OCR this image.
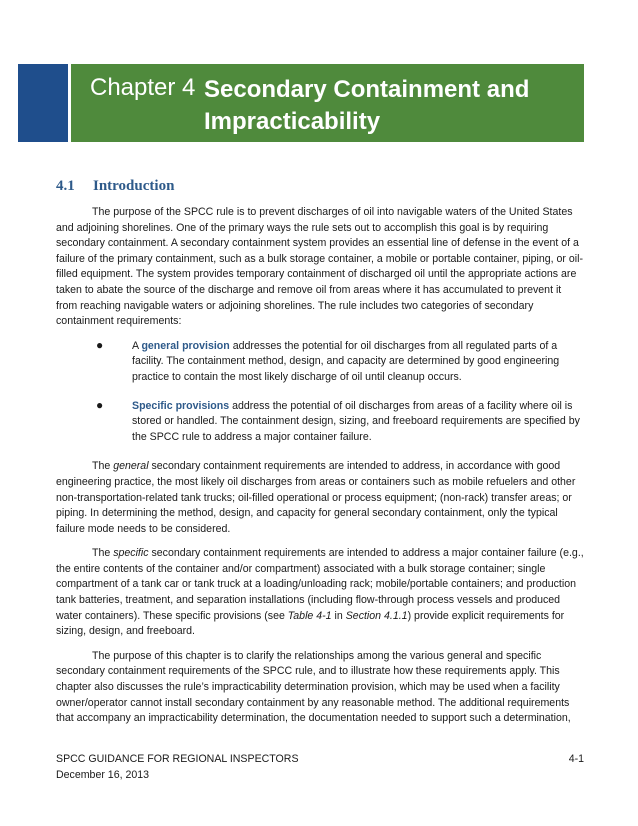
Chapter 4 Secondary Containment and Impracticability
4.1 Introduction

The purpose of the SPCC rule is to prevent discharges of oil into navigable waters of the United States and adjoining shorelines. One of the primary ways the rule sets out to accomplish this goal is by requiring secondary containment. A secondary containment system provides an essential line of defense in the event of a failure of the primary containment, such as a bulk storage container, a mobile or portable container, piping, or oil-filled equipment. The system provides temporary containment of discharged oil until the appropriate actions are taken to abate the source of the discharge and remove oil from areas where it has accumulated to prevent it from reaching navigable waters or adjoining shorelines. The rule includes two categories of secondary containment requirements:

●	A general provision addresses the potential for oil discharges from all regulated parts of a facility. The containment method, design, and capacity are determined by good engineering practice to contain the most likely discharge of oil until cleanup occurs.
●	Specific provisions address the potential of oil discharges from areas of a facility where oil is stored or handled. The containment design, sizing, and freeboard requirements are specified by the SPCC rule to address a major container failure.

The general secondary containment requirements are intended to address, in accordance with good engineering practice, the most likely oil discharges from areas or containers such as mobile refuelers and other non-transportation-related tank trucks; oil-filled operational or process equipment; (non-rack) transfer areas; or piping. In determining the method, design, and capacity for general secondary containment, only the typical failure mode needs to be considered.

The specific secondary containment requirements are intended to address a major container failure (e.g., the entire contents of the container and/or compartment) associated with a bulk storage container; single compartment of a tank car or tank truck at a loading/unloading rack; mobile/portable containers; and production tank batteries, treatment, and separation installations (including flow-through process vessels and produced water containers). These specific provisions (see Table 4-1 in Section 4.1.1) provide explicit requirements for sizing, design, and freeboard.

The purpose of this chapter is to clarify the relationships among the various general and specific secondary containment requirements of the SPCC rule, and to illustrate how these requirements apply. This chapter also discusses the rule’s impracticability determination provision, which may be used when a facility owner/operator cannot install secondary containment by any reasonable method. The additional requirements that accompany an impracticability determination, the documentation needed to support such a determination,

SPCC GUIDANCE FOR REGIONAL INSPECTORS	4-1
December 16, 2013
